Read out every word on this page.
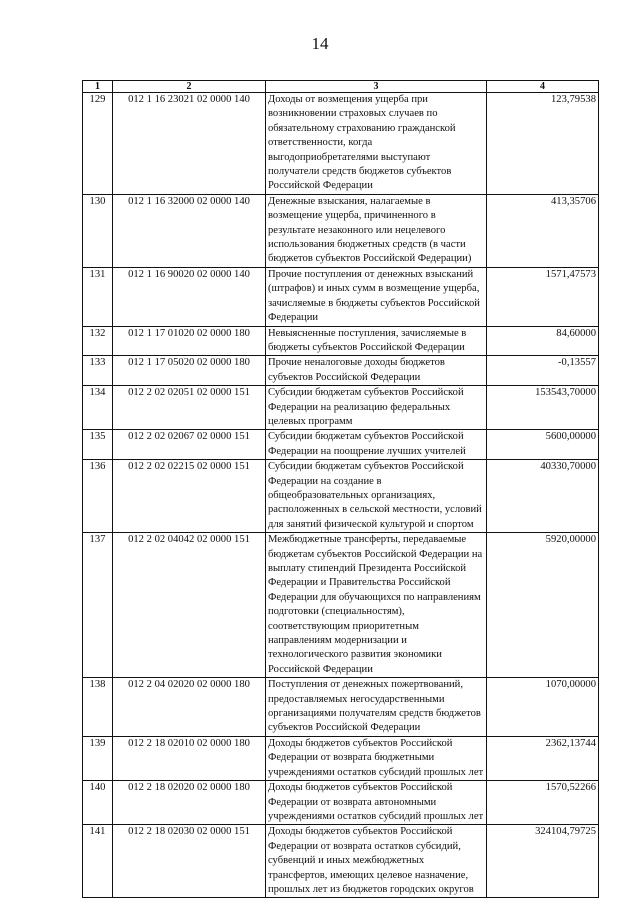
14
1	2	3	4
129	012 1 16 23021 02 0000 140	Доходы от возмещения ущерба при возникновении страховых случаев по обязательному страхованию гражданской ответственности, когда выгодоприобретателями выступают получатели средств бюджетов субъектов Российской Федерации	123,79538
130	012 1 16 32000 02 0000 140	Денежные взыскания, налагаемые в возмещение ущерба, причиненного в результате незаконного или нецелевого использования бюджетных средств (в части бюджетов субъектов Российской Федерации)	413,35706
131	012 1 16 90020 02 0000 140	Прочие поступления от денежных взысканий (штрафов) и иных сумм в возмещение ущерба, зачисляемые в бюджеты субъектов Российской Федерации	1571,47573
132	012 1 17 01020 02 0000 180	Невыясненные поступления, зачисляемые в бюджеты субъектов Российской Федерации	84,60000
133	012 1 17 05020 02 0000 180	Прочие неналоговые доходы бюджетов субъектов Российской Федерации	-0,13557
134	012 2 02 02051 02 0000 151	Субсидии бюджетам субъектов Российской Федерации на реализацию федеральных целевых программ	153543,70000
135	012 2 02 02067 02 0000 151	Субсидии бюджетам субъектов Российской Федерации на поощрение лучших учителей	5600,00000
136	012 2 02 02215 02 0000 151	Субсидии бюджетам субъектов Российской Федерации на создание в общеобразовательных организациях, расположенных в сельской местности, условий для занятий физической культурой и спортом	40330,70000
137	012 2 02 04042 02 0000 151	Межбюджетные трансферты, передаваемые бюджетам субъектов Российской Федерации на выплату стипендий Президента Российской Федерации и Правительства Российской Федерации для обучающихся по направлениям подготовки (специальностям), соответствующим приоритетным направлениям модернизации и технологического развития экономики Российской Федерации	5920,00000
138	012 2 04 02020 02 0000 180	Поступления от денежных пожертвований, предоставляемых негосударственными организациями получателям средств бюджетов субъектов Российской Федерации	1070,00000
139	012 2 18 02010 02 0000 180	Доходы бюджетов субъектов Российской Федерации от возврата бюджетными учреждениями остатков субсидий прошлых лет	2362,13744
140	012 2 18 02020 02 0000 180	Доходы бюджетов субъектов Российской Федерации от возврата автономными учреждениями остатков субсидий прошлых лет	1570,52266
141	012 2 18 02030 02 0000 151	Доходы бюджетов субъектов Российской Федерации от возврата остатков субсидий, субвенций и иных межбюджетных трансфертов, имеющих целевое назначение, прошлых лет из бюджетов городских округов	324104,79725
